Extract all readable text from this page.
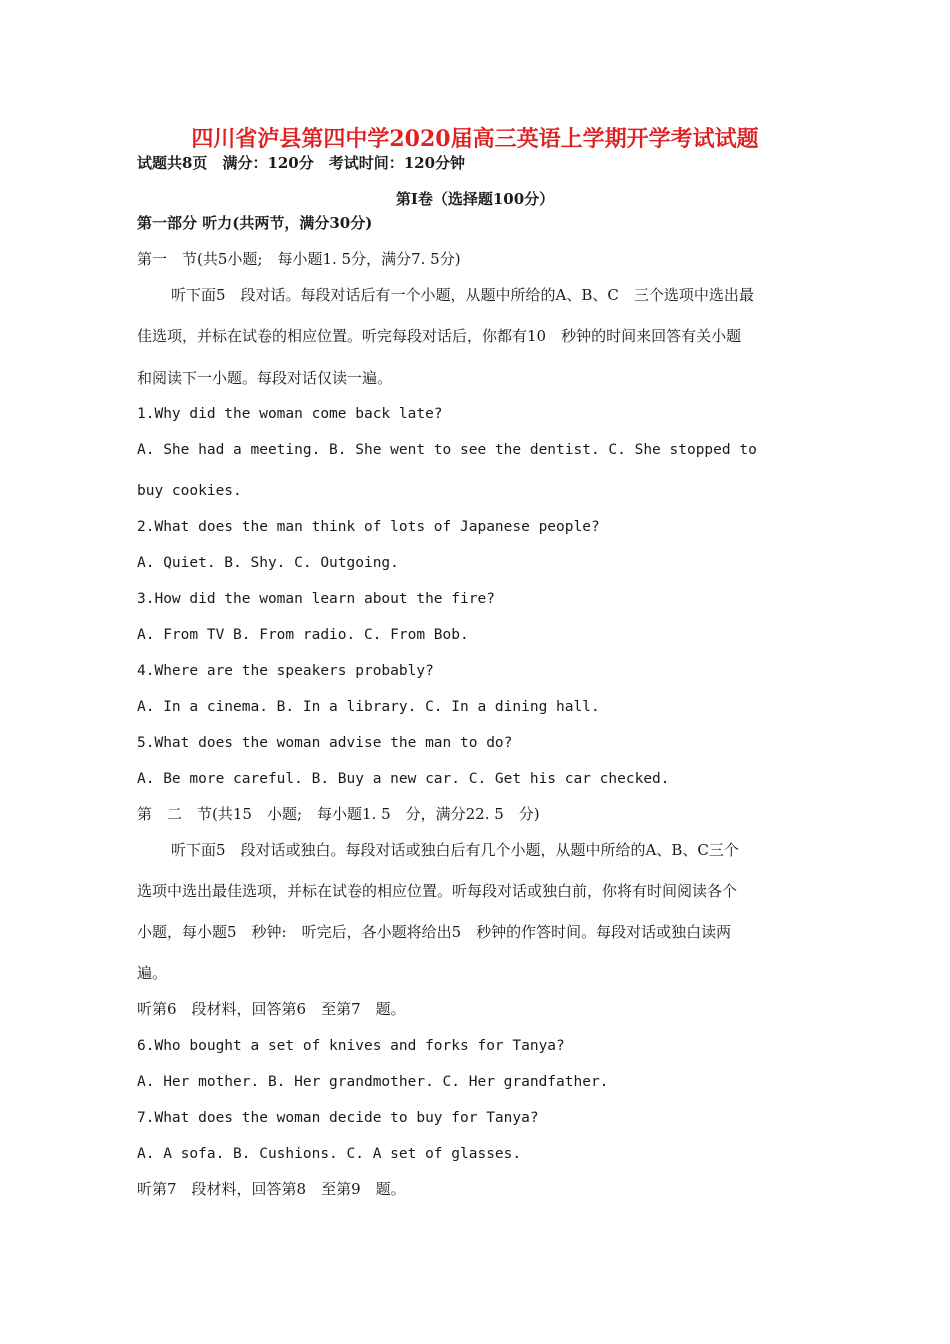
四川省泸县第四中学2020届高三英语上学期开学考试试题
试题共8页　满分：120分　考试时间：120分钟
第Ⅰ卷（选择题100分）
第一部分 听力(共两节，满分30分)
第一　节(共5小题;　每小题1. 5分，满分7. 5分)
听下面5　段对话。每段对话后有一个小题，从题中所给的A、B、C　三个选项中选出最
佳选项，并标在试卷的相应位置。听完每段对话后，你都有10　秒钟的时间来回答有关小题
和阅读下一小题。每段对话仅读一遍。
1.Why did the woman come back late?
A. She had a meeting. B. She went to see the dentist. C. She stopped to
buy cookies.
2.What does the man think of lots of Japanese people?
A. Quiet. B. Shy. C. Outgoing.
3.How did the woman learn about the fire?
A. From TV B. From radio. C. From Bob.
4.Where are the speakers probably?
A. In a cinema. B. In a library. C. In a dining hall.
5.What does the woman advise the man to do?
A. Be more careful. B. Buy a new car. C. Get his car checked.
第　二　节(共15　小题;　每小题1. 5　分，满分22. 5　分)
听下面5　段对话或独白。每段对话或独白后有几个小题，从题中所给的A、B、C三个
选项中选出最佳选项，并标在试卷的相应位置。听每段对话或独白前，你将有时间阅读各个
小题，每小题5　秒钟:　听完后，各小题将给出5　秒钟的作答时间。每段对话或独白读两
遍。
听第6　段材料，回答第6　至第7　题。
6.Who bought a set of knives and forks for Tanya?
A. Her mother. B. Her grandmother. C. Her grandfather.
7.What does the woman decide to buy for Tanya?
A. A sofa. B. Cushions. C. A set of glasses.
听第7　段材料，回答第8　至第9　题。
